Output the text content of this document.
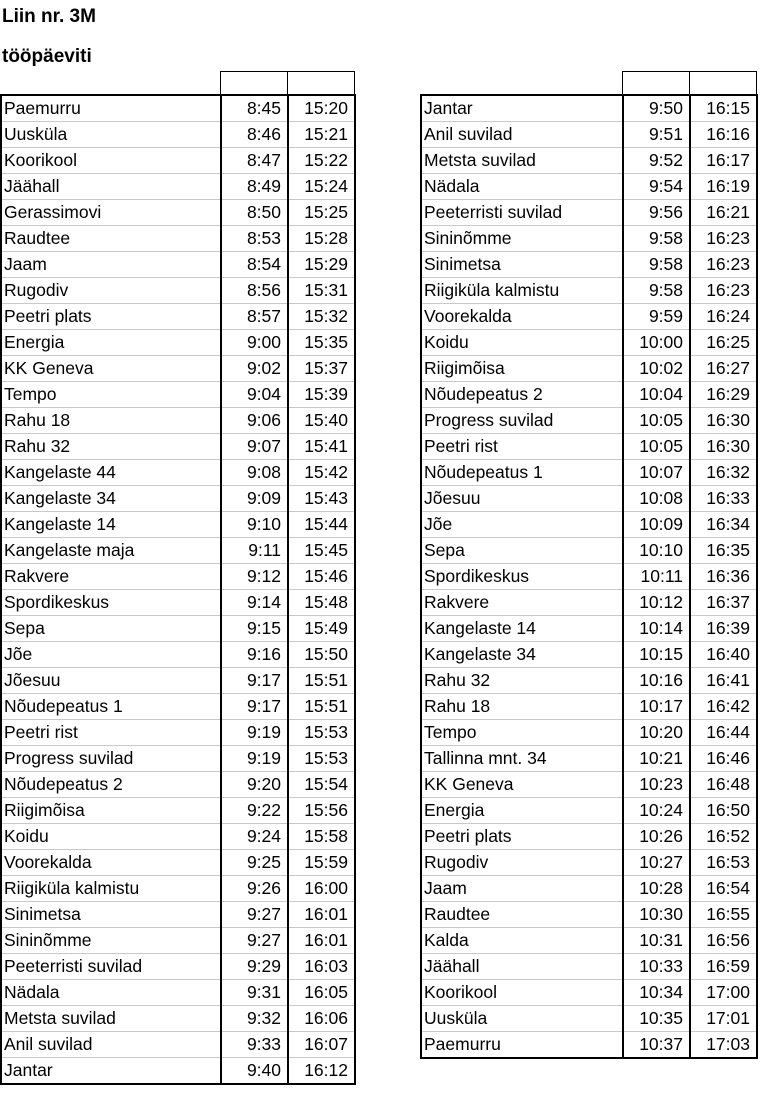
Liin nr. 3M
tööpäeviti

Paemurru	8:45	15:20
Uusküla	8:46	15:21
Koorikool	8:47	15:22
Jäähall	8:49	15:24
Gerassimovi	8:50	15:25
Raudtee	8:53	15:28
Jaam	8:54	15:29
Rugodiv	8:56	15:31
Peetri plats	8:57	15:32
Energia	9:00	15:35
KK Geneva	9:02	15:37
Tempo	9:04	15:39
Rahu 18	9:06	15:40
Rahu 32	9:07	15:41
Kangelaste 44	9:08	15:42
Kangelaste 34	9:09	15:43
Kangelaste 14	9:10	15:44
Kangelaste maja	9:11	15:45
Rakvere	9:12	15:46
Spordikeskus	9:14	15:48
Sepa	9:15	15:49
Jõe	9:16	15:50
Jõesuu	9:17	15:51
Nõudepeatus 1	9:17	15:51
Peetri rist	9:19	15:53
Progress suvilad	9:19	15:53
Nõudepeatus 2	9:20	15:54
Riigimõisa	9:22	15:56
Koidu	9:24	15:58
Voorekalda	9:25	15:59
Riigiküla kalmistu	9:26	16:00
Sinimetsa	9:27	16:01
Sininõmme	9:27	16:01
Peeterristi suvilad	9:29	16:03
Nädala	9:31	16:05
Metsta suvilad	9:32	16:06
Anil suvilad	9:33	16:07
Jantar	9:40	16:12
Jantar	9:50	16:15
Anil suvilad	9:51	16:16
Metsta suvilad	9:52	16:17
Nädala	9:54	16:19
Peeterristi suvilad	9:56	16:21
Sininõmme	9:58	16:23
Sinimetsa	9:58	16:23
Riigiküla kalmistu	9:58	16:23
Voorekalda	9:59	16:24
Koidu	10:00	16:25
Riigimõisa	10:02	16:27
Nõudepeatus 2	10:04	16:29
Progress suvilad	10:05	16:30
Peetri rist	10:05	16:30
Nõudepeatus 1	10:07	16:32
Jõesuu	10:08	16:33
Jõe	10:09	16:34
Sepa	10:10	16:35
Spordikeskus	10:11	16:36
Rakvere	10:12	16:37
Kangelaste 14	10:14	16:39
Kangelaste 34	10:15	16:40
Rahu 32	10:16	16:41
Rahu 18	10:17	16:42
Tempo	10:20	16:44
Tallinna mnt. 34	10:21	16:46
KK Geneva	10:23	16:48
Energia	10:24	16:50
Peetri plats	10:26	16:52
Rugodiv	10:27	16:53
Jaam	10:28	16:54
Raudtee	10:30	16:55
Kalda	10:31	16:56
Jäähall	10:33	16:59
Koorikool	10:34	17:00
Uusküla	10:35	17:01
Paemurru	10:37	17:03
